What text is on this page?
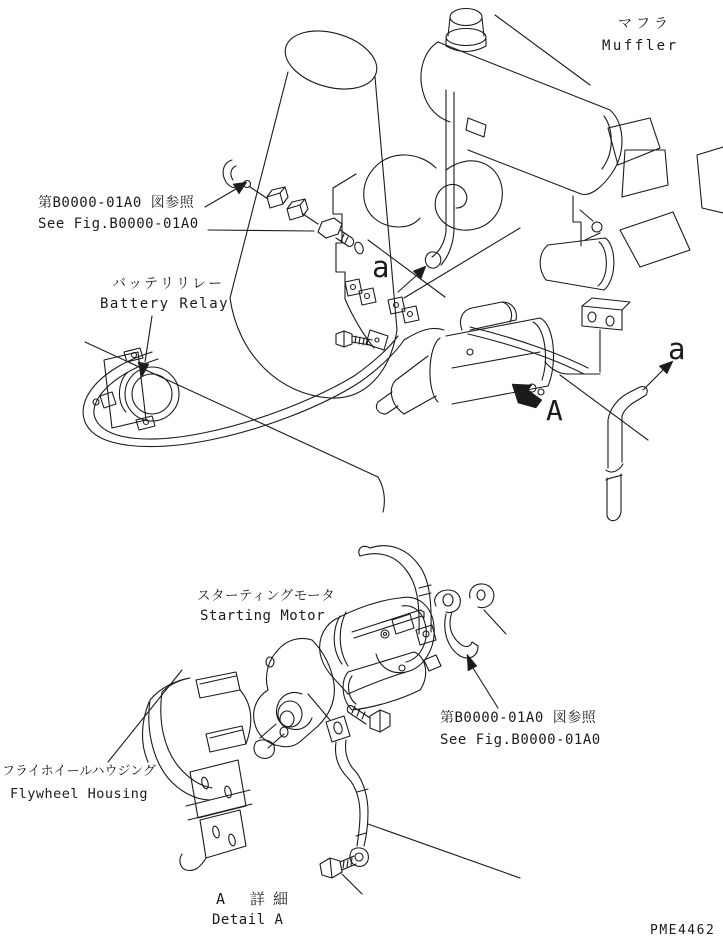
マフラ
Muffler
第B0000-01A0 図参照
See Fig.B0000-01A0
バッテリリレー
Battery Relay
a
a
A
スターティングモータ
Starting Motor
第B0000-01A0 図参照
See Fig.B0000-01A0
フライホイールハウジング
Flywheel Housing
A 詳細
Detail A
PME4462
